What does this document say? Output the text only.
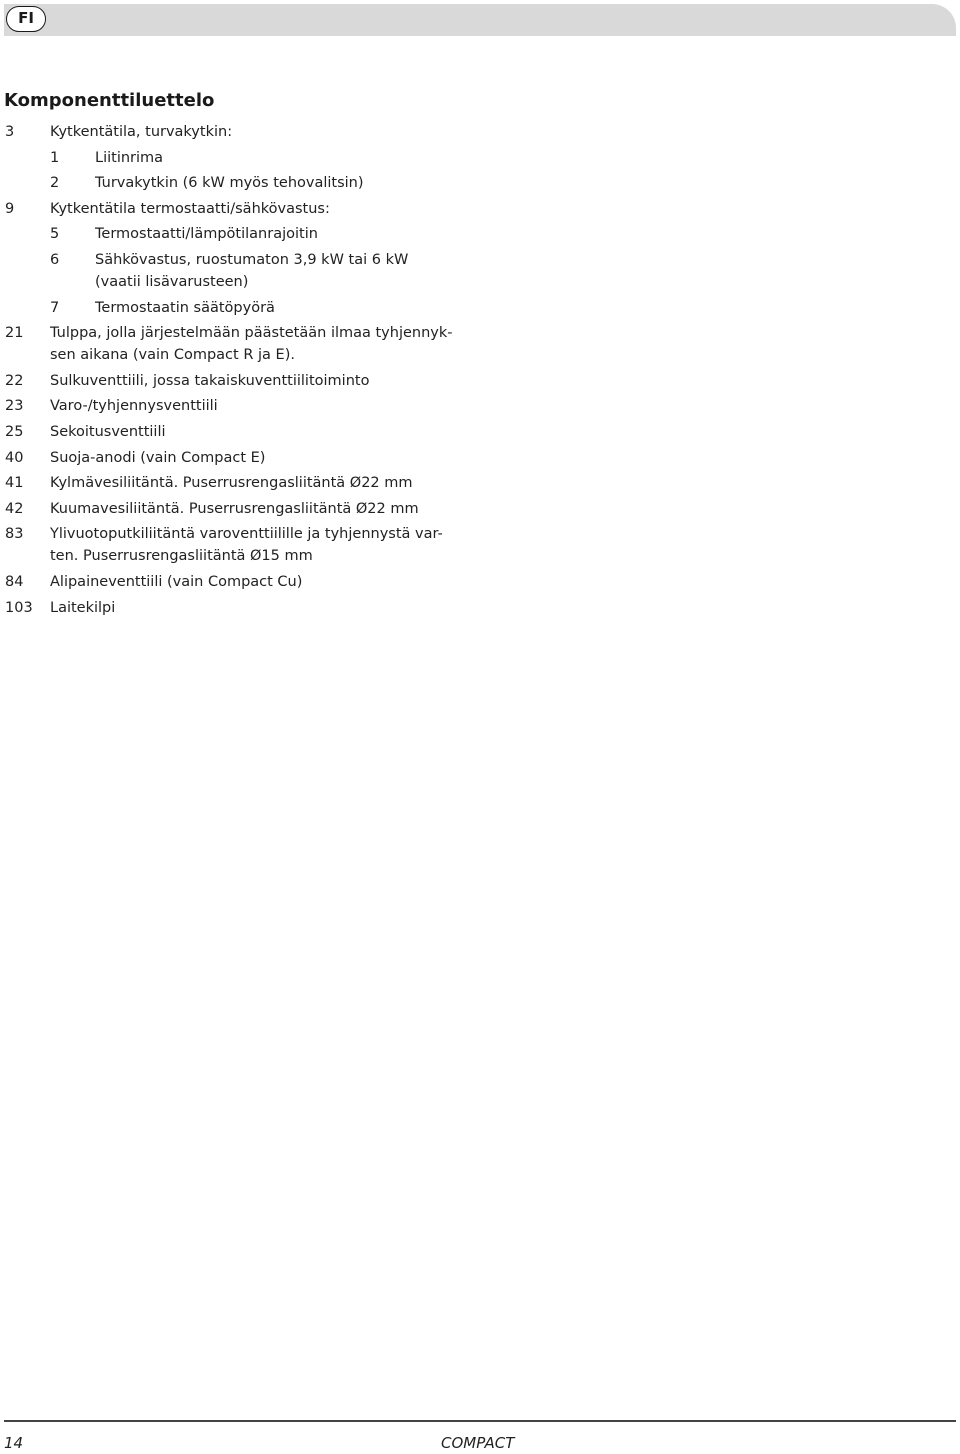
FI
Komponenttiluettelo
3 Kytkentätila, turvakytkin:
1 Liitinrima
2 Turvakytkin (6 kW myös tehovalitsin)
9 Kytkentätila termostaatti/sähkövastus:
5 Termostaatti/lämpötilanrajoitin
6 Sähkövastus, ruostumaton 3,9 kW tai 6 kW
(vaatii lisävarusteen)
7 Termostaatin säätöpyörä
21 Tulppa, jolla järjestelmään päästetään ilmaa tyhjennyk-
sen aikana (vain Compact R ja E).
22 Sulkuventtiili, jossa takaiskuventtiilitoiminto
23 Varo-/tyhjennysventtiili
25 Sekoitusventtiili
40 Suoja-anodi (vain Compact E)
41 Kylmävesiliitäntä. Puserrusrengasliitäntä Ø22 mm
42 Kuumavesiliitäntä. Puserrusrengasliitäntä Ø22 mm
83 Ylivuotoputkiliitäntä varoventtiilille ja tyhjennystä var-
ten. Puserrusrengasliitäntä Ø15 mm
84 Alipaineventtiili (vain Compact Cu)
103 Laitekilpi
14	COMPACT
